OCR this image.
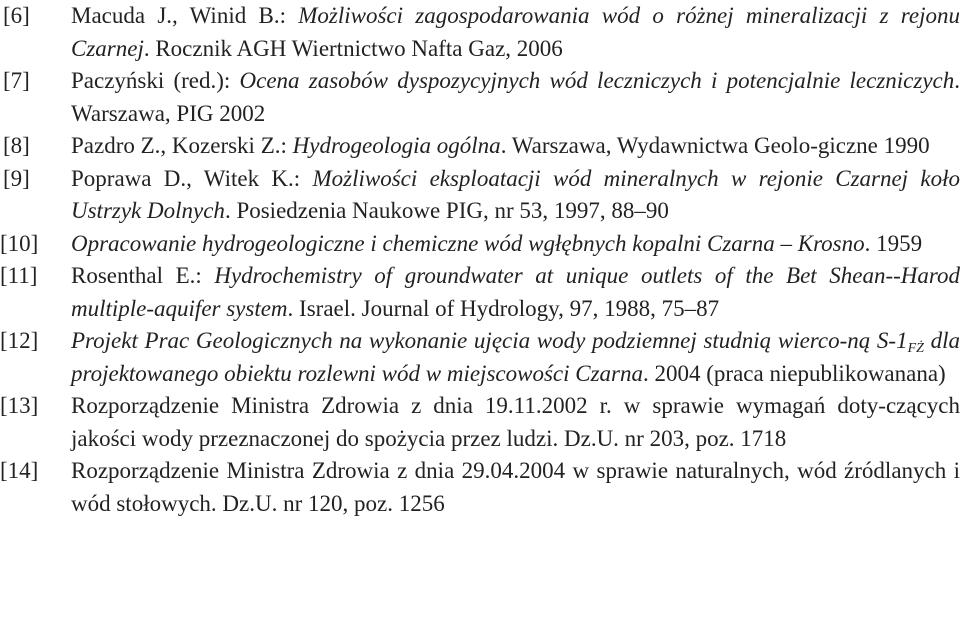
[6] Macuda J., Winid B.: Możliwości zagospodarowania wód o różnej mineralizacji z rejonu Czarnej. Rocznik AGH Wiertnictwo Nafta Gaz, 2006
[7] Paczyński (red.): Ocena zasobów dyspozycyjnych wód leczniczych i potencjalnie leczniczych. Warszawa, PIG 2002
[8] Pazdro Z., Kozerski Z.: Hydrogeologia ogólna. Warszawa, Wydawnictwa Geolo-giczne 1990
[9] Poprawa D., Witek K.: Możliwości eksploatacji wód mineralnych w rejonie Czarnej koło Ustrzyk Dolnych. Posiedzenia Naukowe PIG, nr 53, 1997, 88–90
[10] Opracowanie hydrogeologiczne i chemiczne wód wgłębnych kopalni Czarna – Krosno. 1959
[11] Rosenthal E.: Hydrochemistry of groundwater at unique outlets of the Bet Shean--Harod multiple-aquifer system. Israel. Journal of Hydrology, 97, 1988, 75–87
[12] Projekt Prac Geologicznych na wykonanie ujęcia wody podziemnej studnią wierco-ną $S-1_{FŻ}$ dla projektowanego obiektu rozlewni wód w miejscowości Czarna. 2004 (praca niepublikowanana)
[13] Rozporządzenie Ministra Zdrowia z dnia 19.11.2002 r. w sprawie wymagań doty-czących jakości wody przeznaczonej do spożycia przez ludzi. Dz.U. nr 203, poz. 1718
[14] Rozporządzenie Ministra Zdrowia z dnia 29.04.2004 w sprawie naturalnych, wód źródlanych i wód stołowych. Dz.U. nr 120, poz. 1256
